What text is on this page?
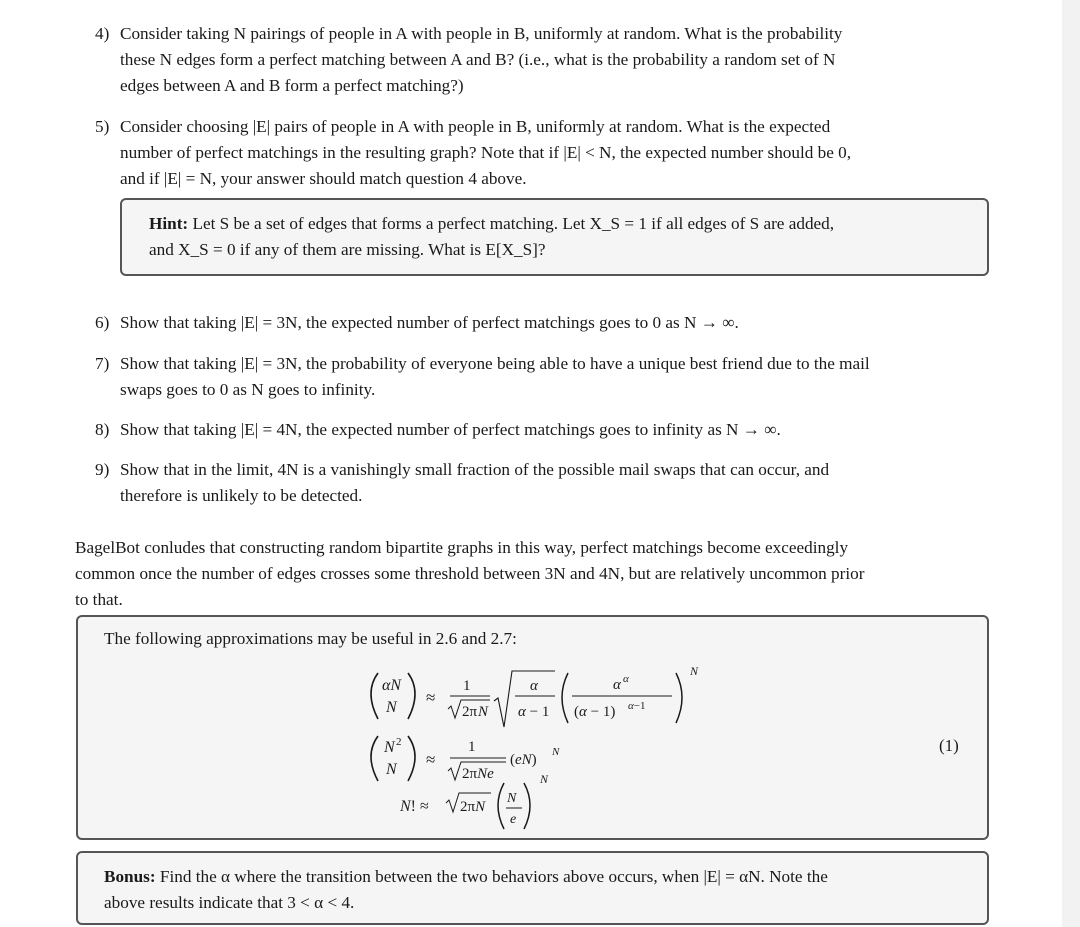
4) Consider taking N pairings of people in A with people in B, uniformly at random. What is the probability
these N edges form a perfect matching between A and B? (i.e., what is the probability a random set of N
edges between A and B form a perfect matching?)
5) Consider choosing |E| pairs of people in A with people in B, uniformly at random. What is the expected
number of perfect matchings in the resulting graph? Note that if |E| < N, the expected number should be 0,
and if |E| = N, your answer should match question 4 above.
Hint: Let S be a set of edges that forms a perfect matching. Let X_S = 1 if all edges of S are added,
and X_S = 0 if any of them are missing. What is E[X_S]?
6) Show that taking |E| = 3N, the expected number of perfect matchings goes to 0 as N → ∞.
7) Show that taking |E| = 3N, the probability of everyone being able to have a unique best friend due to the mail
swaps goes to 0 as N goes to infinity.
8) Show that taking |E| = 4N, the expected number of perfect matchings goes to infinity as N → ∞.
9) Show that in the limit, 4N is a vanishingly small fraction of the possible mail swaps that can occur, and
therefore is unlikely to be detected.
BagelBot conludes that constructing random bipartite graphs in this way, perfect matchings become exceedingly
common once the number of edges crosses some threshold between 3N and 4N, but are relatively uncommon prior
to that.
The following approximations may be useful in 2.6 and 2.7:
αN
N
≈
1
2π N
α
α − 1
α α
(α − 1) α−1
N
N 2
N
≈
1
2πNe
(eN) N
N! ≈ 2πN
N
e
N
(1)
Bonus: Find the α where the transition between the two behaviors above occurs, when |E| = αN. Note the
above results indicate that 3 < α < 4.
